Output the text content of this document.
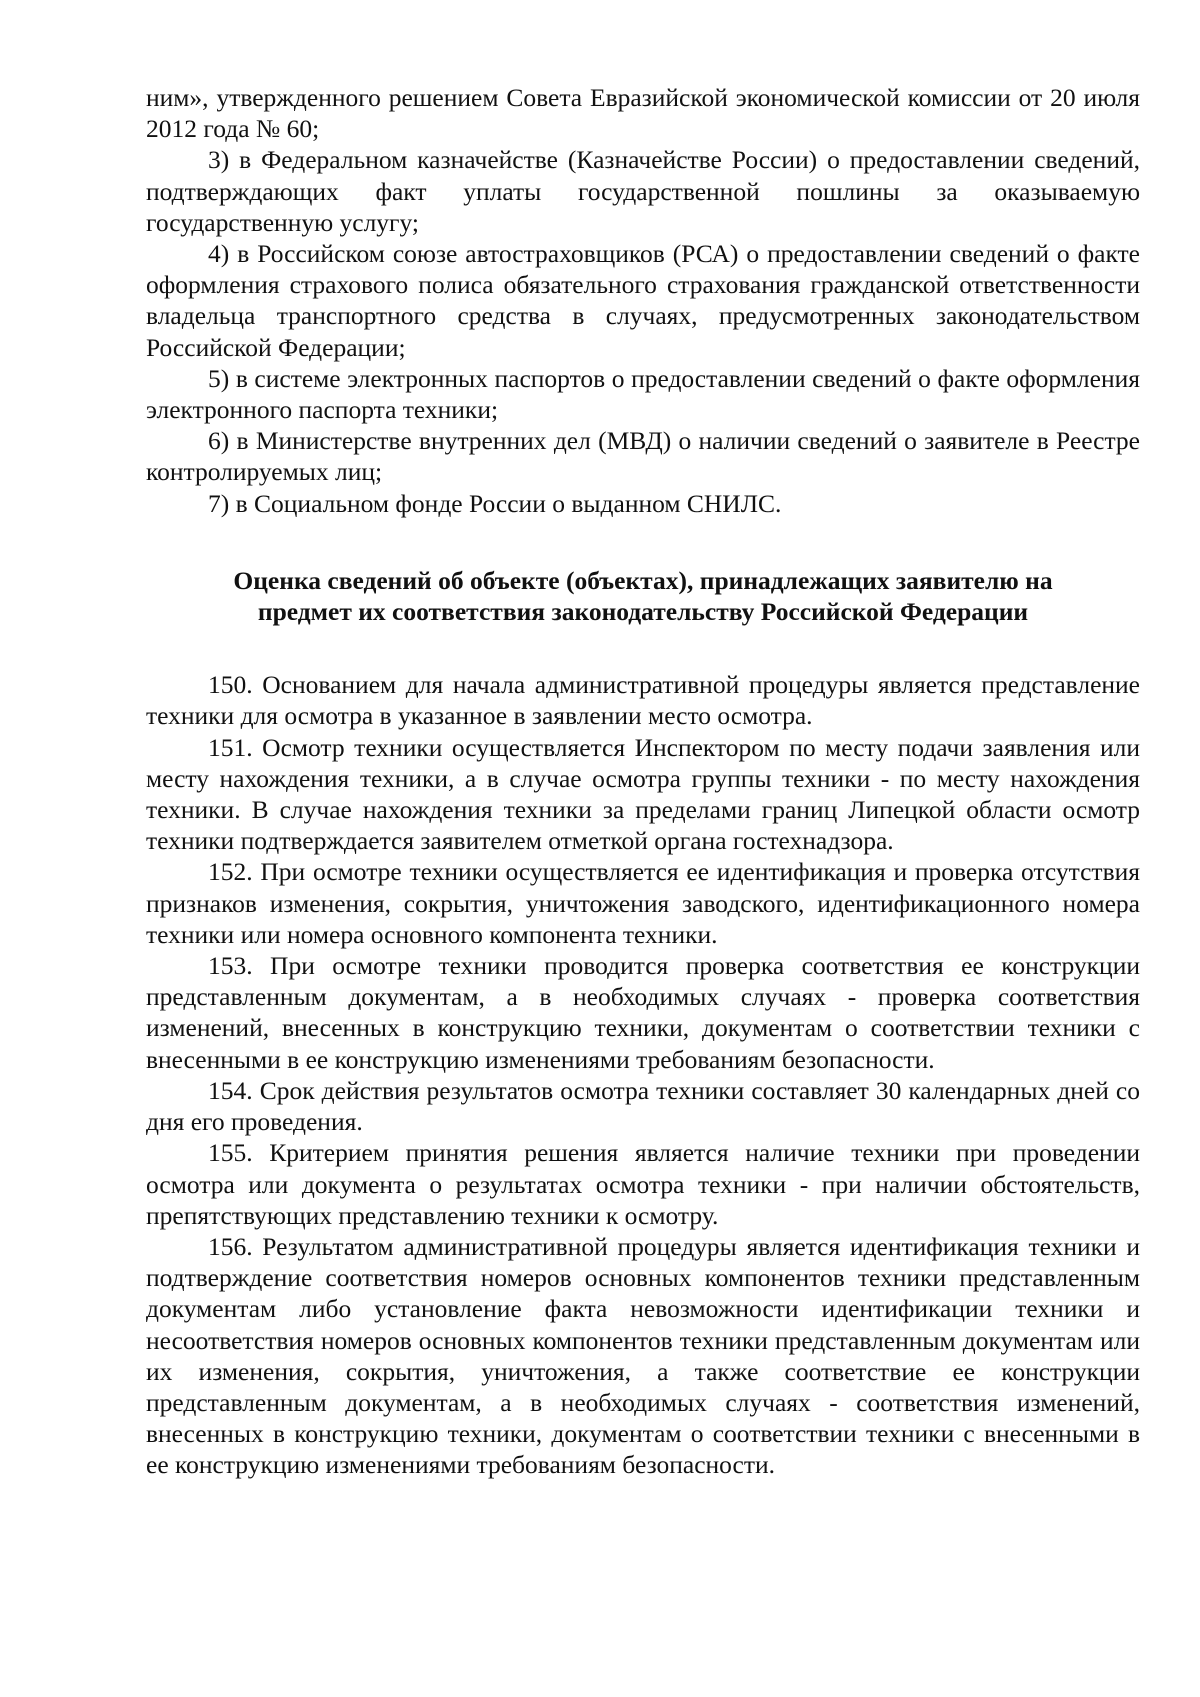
ним», утвержденного решением Совета Евразийской экономической комиссии от 20 июля 2012 года № 60;

3) в Федеральном казначействе (Казначействе России) о предоставлении сведений, подтверждающих факт уплаты государственной пошлины за оказываемую государственную услугу;

4) в Российском союзе автостраховщиков (РСА) о предоставлении сведений о факте оформления страхового полиса обязательного страхования гражданской ответственности владельца транспортного средства в случаях, предусмотренных законодательством Российской Федерации;

5) в системе электронных паспортов о предоставлении сведений о факте оформления электронного паспорта техники;

6) в Министерстве внутренних дел (МВД) о наличии сведений о заявителе в Реестре контролируемых лиц;

7) в Социальном фонде России о выданном СНИЛС.

Оценка сведений об объекте (объектах), принадлежащих заявителю на
предмет их соответствия законодательству Российской Федерации

150. Основанием для начала административной процедуры является представление техники для осмотра в указанное в заявлении место осмотра.

151. Осмотр техники осуществляется Инспектором по месту подачи заявления или месту нахождения техники, а в случае осмотра группы техники - по месту нахождения техники. В случае нахождения техники за пределами границ Липецкой области осмотр техники подтверждается заявителем отметкой органа гостехнадзора.

152. При осмотре техники осуществляется ее идентификация и проверка отсутствия признаков изменения, сокрытия, уничтожения заводского, идентификационного номера техники или номера основного компонента техники.

153. При осмотре техники проводится проверка соответствия ее конструкции представленным документам, а в необходимых случаях - проверка соответствия изменений, внесенных в конструкцию техники, документам о соответствии техники с внесенными в ее конструкцию изменениями требованиям безопасности.

154. Срок действия результатов осмотра техники составляет 30 календарных дней со дня его проведения.

155. Критерием принятия решения является наличие техники при проведении осмотра или документа о результатах осмотра техники - при наличии обстоятельств, препятствующих представлению техники к осмотру.

156. Результатом административной процедуры является идентификация техники и подтверждение соответствия номеров основных компонентов техники представленным документам либо установление факта невозможности идентификации техники и несоответствия номеров основных компонентов техники представленным документам или их изменения, сокрытия, уничтожения, а также соответствие ее конструкции представленным документам, а в необходимых случаях - соответствия изменений, внесенных в конструкцию техники, документам о соответствии техники с внесенными в ее конструкцию изменениями требованиям безопасности.
